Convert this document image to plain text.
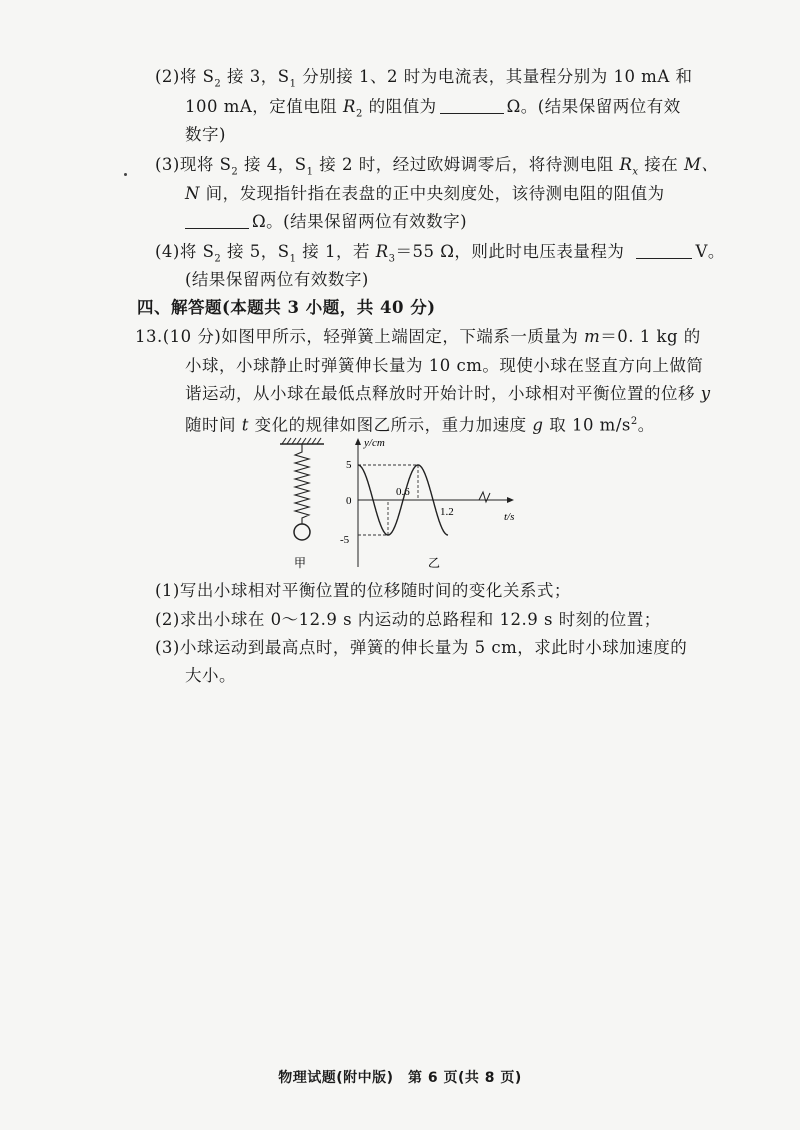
(2)将 $S_2$ 接 3，$S_1$ 分别接 1、2 时为电流表，其量程分别为 10 mA 和
100 mA，定值电阻 $R_2$ 的阻值为	Ω。(结果保留两位有效
数字)
(3)现将 $S_2$ 接 4，$S_1$ 接 2 时，经过欧姆调零后，将待测电阻 $R_x$ 接在 M、
N 间，发现指针指在表盘的正中央刻度处，该待测电阻的阻值为
Ω。(结果保留两位有效数字)
(4)将 $S_2$ 接 5，$S_1$ 接 1，若 $R_3=55$ Ω，则此时电压表量程为	V。
(结果保留两位有效数字)
四、解答题(本题共 3 小题，共 40 分)
13.(10 分)如图甲所示，轻弹簧上端固定，下端系一质量为 m＝0. 1 kg 的
小球，小球静止时弹簧伸长量为 10 cm。现使小球在竖直方向上做简
谐运动，从小球在最低点释放时开始计时，小球相对平衡位置的位移 y
随时间 t 变化的规律如图乙所示，重力加速度 g 取 10 $m/s^2$。
甲
y/cm
t/s
5
0
-5
0.6
1.2
乙
(1)写出小球相对平衡位置的位移随时间的变化关系式；
(2)求出小球在 0～12.9 s 内运动的总路程和 12.9 s 时刻的位置；
(3)小球运动到最高点时，弹簧的伸长量为 5 cm，求此时小球加速度的
大小。
物理试题(附中版)　第 6 页(共 8 页)
